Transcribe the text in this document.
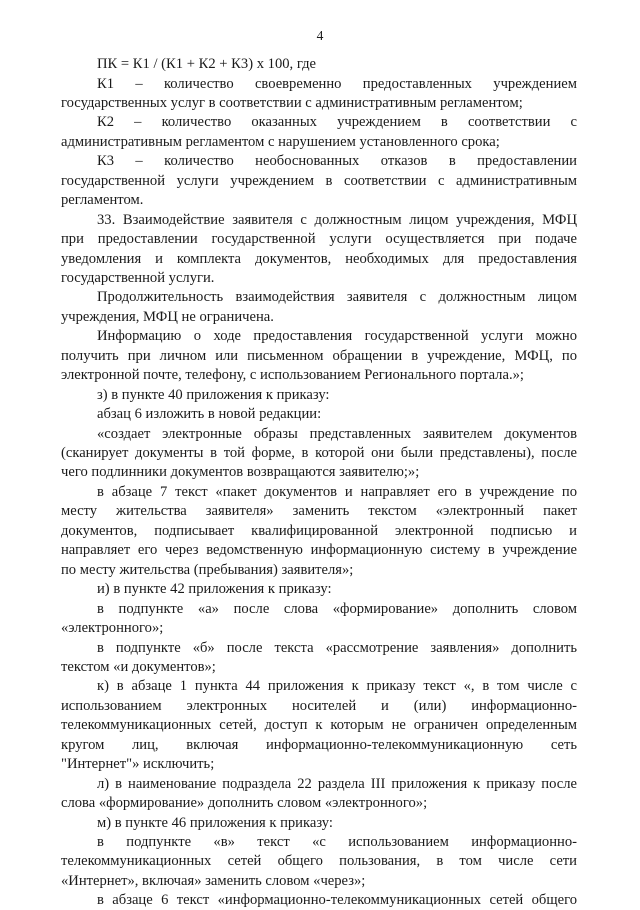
4
ПК = К1 / (К1 + К2 + К3) х 100, где
К1 – количество своевременно предоставленных учреждением
государственных услуг в соответствии с административным регламентом;
К2 – количество оказанных учреждением в соответствии с
административным регламентом с нарушением установленного срока;
К3 – количество необоснованных отказов в предоставлении
государственной услуги учреждением в соответствии с административным
регламентом.
33. Взаимодействие заявителя с должностным лицом учреждения, МФЦ
при предоставлении государственной услуги осуществляется при подаче
уведомления и комплекта документов, необходимых для предоставления
государственной услуги.
Продолжительность взаимодействия заявителя с должностным лицом
учреждения, МФЦ не ограничена.
Информацию о ходе предоставления государственной услуги можно
получить при личном или письменном обращении в учреждение, МФЦ, по
электронной почте, телефону, с использованием Регионального портала.»;
з) в пункте 40 приложения к приказу:
абзац 6 изложить в новой редакции:
«создает электронные образы представленных заявителем документов
(сканирует документы в той форме, в которой они были представлены), после
чего подлинники документов возвращаются заявителю;»;
в абзаце 7 текст «пакет документов и направляет его в учреждение по
месту жительства заявителя» заменить текстом «электронный пакет
документов, подписывает квалифицированной электронной подписью и
направляет его через ведомственную информационную систему в учреждение
по месту жительства (пребывания) заявителя»;
и) в пункте 42 приложения к приказу:
в подпункте «а» после слова «формирование» дополнить словом
«электронного»;
в подпункте «б» после текста «рассмотрение заявления» дополнить
текстом «и документов»;
к) в абзаце 1 пункта 44 приложения к приказу текст «, в том числе с
использованием электронных носителей и (или) информационно-
телекоммуникационных сетей, доступ к которым не ограничен определенным
кругом лиц, включая информационно-телекоммуникационную сеть
"Интернет"» исключить;
л) в наименование подраздела 22 раздела III приложения к приказу после
слова «формирование» дополнить словом «электронного»;
м) в пункте 46 приложения к приказу:
в подпункте «в» текст «с использованием информационно-
телекоммуникационных сетей общего пользования, в том числе сети
«Интернет», включая» заменить словом «через»;
в абзаце 6 текст «информационно-телекоммуникационных сетей общего
